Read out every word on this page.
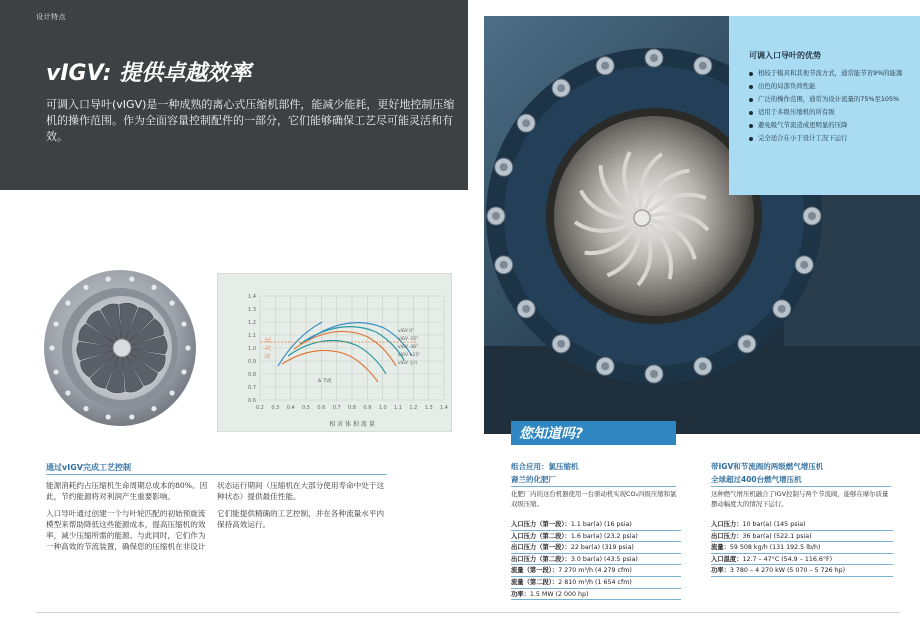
设计特点
vIGV: 提供卓越效率
可调入口导叶(vIGV)是一种成熟的离心式压缩机部件，能减少能耗，更好地控制压缩机的操作范围。作为全面容量控制配件的一部分，它们能够确保工艺尽可能灵活和有效。
0.2 0.3 0.4 0.5 0.6 0.7 0.8 0.9 1.0 1.1 1.2 1.3 1.4
1.4
1.3
1.2
1.1
1.0
0.9
0.8
0.7
0.6
相 对 体 积 流 量
压 力 比
vIGV 0°
vIGV -15°
vIGV -30°
vIGV +15°
vIGV 全开
Δ 节流
通过vIGV完成工艺控制

能源消耗约占压缩机生命周期总成本的80%。因此，节约能源将对利润产生重要影响。

入口导叶通过创建一个与叶轮匹配的初始预旋流模型来帮助降低这些能源成本，提高压缩机的效率，减少压缩所需的能源。与此同时，它们作为一种高效的节流装置，确保您的压缩机在非设计

状态运行期间（压缩机在大部分使用寿命中处于这种状态）提供最佳性能。

它们能提供精确的工艺控制，并在各种流量水平内保持高效运行。

可调入口导叶的优势
相较于模具和其他节流方式，通常能节省9%的能源
出色的局部负荷性能
广泛的操作范围，通常为设计流量的75%至105%
适用于多级压缩机的所有级
避免吸气节流造成更明显的压降
完全适合在小于设计工况下运行
您知道吗?
组合应用：氯压缩机
裔兰的化肥厂
化肥厂内的这台机器使用一台驱动机实现CO₂四级压缩和氯双级压缩。
入口压力（第一段）：1.1 bar(a) (16 psia)
入口压力（第二段）：1.6 bar(a) (23.2 psia)
出口压力（第一段）：22 bar(a) (319 psia)
出口压力（第二段）：3.0 bar(a) (43.5 psia)
流量（第一段）：7 270 m³/h (4 279 cfm)
流量（第二段）：2 810 m³/h (1 654 cfm)
功率：1.5 MW (2 000 hp)
带IGV和节流阀的两级燃气增压机
全球超过400台燃气增压机
这种燃气增压机融合了IGV控制与两个节流阀，能够在摩尔质量摆动幅度大的情况下运行。
入口压力：10 bar(a) (145 psia)
出口压力：36 bar(a) (522.1 psia)
流量：59 508 kg/h (131 192.5 lb/h)
入口温度：12.7 – 47°C (54.9 – 116.6°F)
功率：3 780 – 4 270 kW (5 070 – 5 726 hp)
